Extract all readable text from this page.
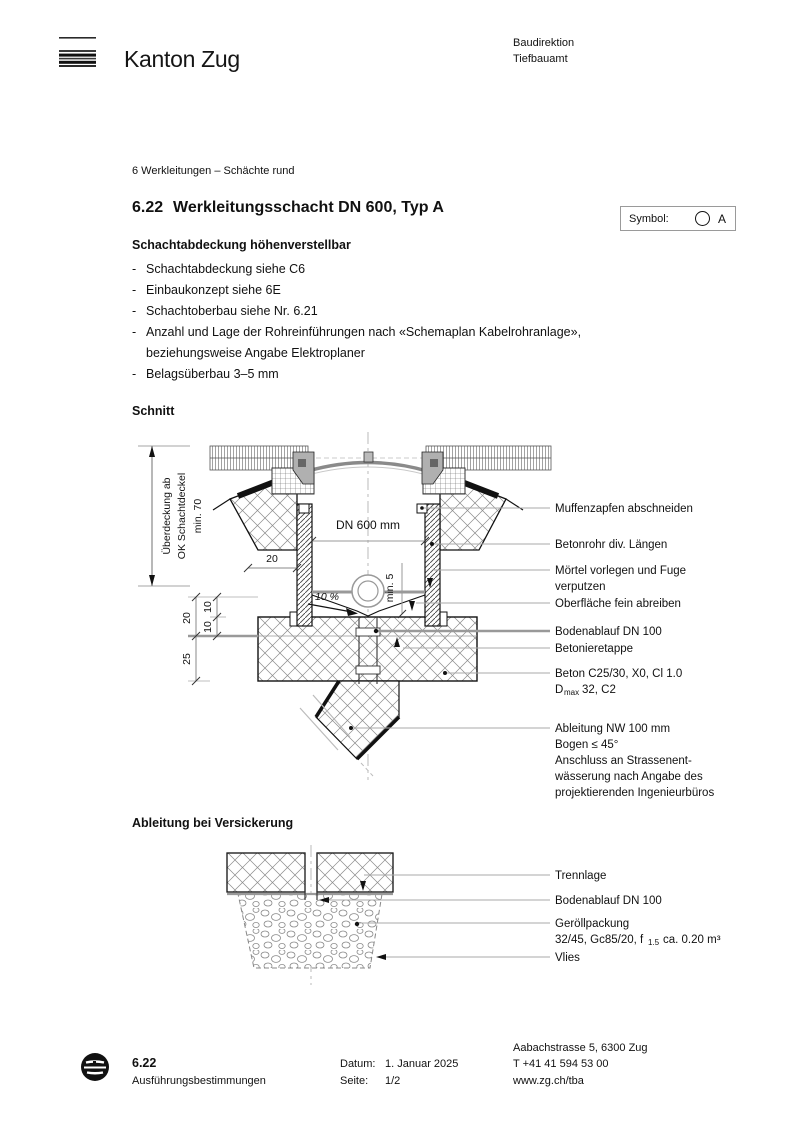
Kanton Zug
Baudirektion
Tiefbauamt
6 Werkleitungen – Schächte rund
6.22 Werkleitungsschacht DN 600, Typ A
Symbol:	A
Schachtabdeckung höhenverstellbar
- Schachtabdeckung siehe C6
- Einbaukonzept siehe 6E
- Schachtoberbau siehe Nr. 6.21
- Anzahl und Lage der Rohreinführungen nach «Schemaplan Kabelrohranlage»,
beziehungsweise Angabe Elektroplaner
- Belagsüberbau 3–5 mm
Schnitt
Überdeckung ab OK Schachtdeckel min. 70
20
DN 600 mm
min. 5
10 %
20
10
10
25
Muffenzapfen abschneiden
Betonrohr div. Längen
Mörtel vorlegen und Fuge
verputzen
Oberfläche fein abreiben
Bodenablauf DN 100
Betonieretappe
Beton C25/30, X0, Cl 1.0
D max 32, C2
Ableitung NW 100 mm
Bogen ≤ 45°
Anschluss an Strassenent-
wässerung nach Angabe des
projektierenden Ingenieurbüros
Ableitung bei Versickerung
Trennlage
Bodenablauf DN 100
Geröllpackung
32/45, Gc85/20, f 1.5 ca. 0.20 m³
Vlies
6.22
Ausführungsbestimmungen
Datum: 1. Januar 2025
Seite: 1/2
Aabachstrasse 5, 6300 Zug
T +41 41 594 53 00
www.zg.ch/tba
